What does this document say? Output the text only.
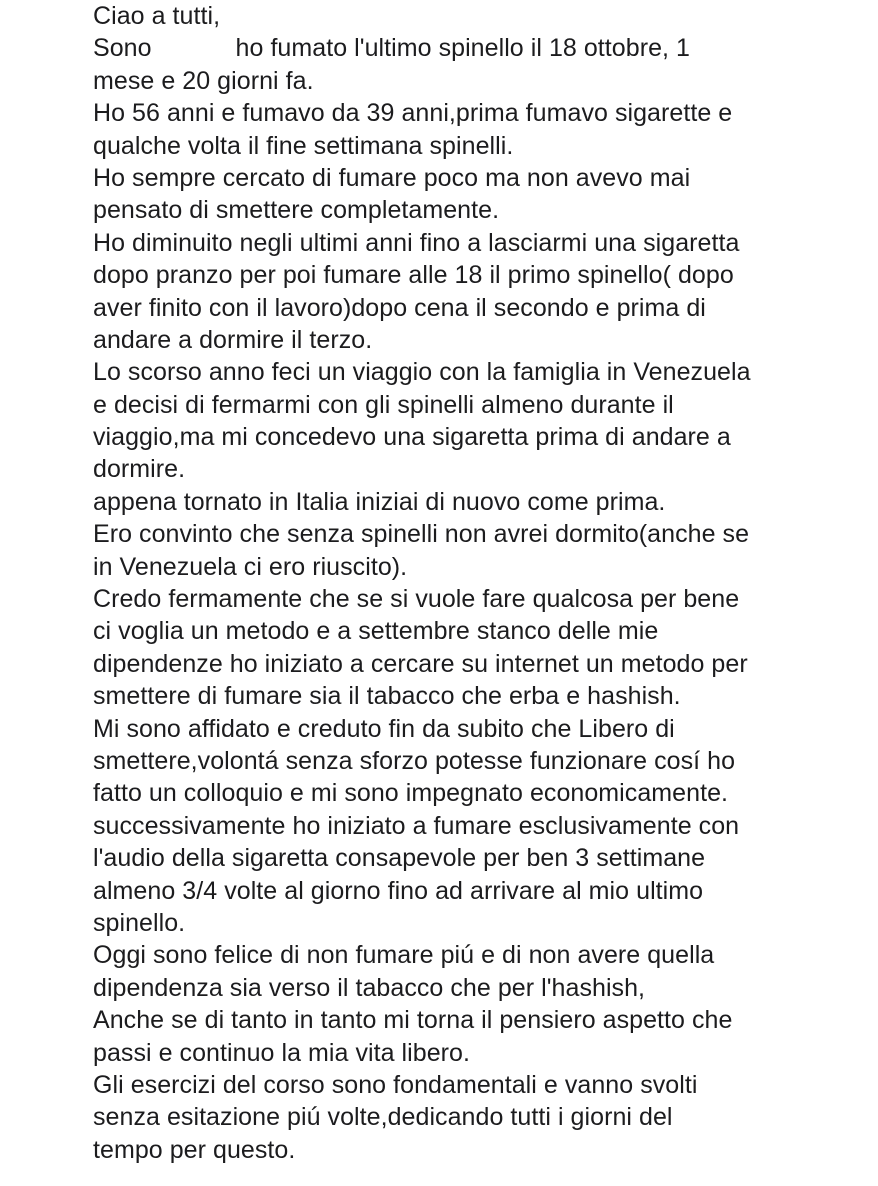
Ciao a tutti,
Sono            ho fumato l'ultimo spinello il 18 ottobre, 1
mese e 20 giorni fa.
Ho 56 anni e fumavo da 39 anni,prima fumavo sigarette e
qualche volta il fine settimana spinelli.
Ho sempre cercato di fumare poco ma non avevo mai
pensato di smettere completamente.
Ho diminuito negli ultimi anni fino a lasciarmi una sigaretta
dopo pranzo per poi fumare alle 18 il primo spinello( dopo
aver finito con il lavoro)dopo cena il secondo e prima di
andare a dormire il terzo.
Lo scorso anno feci un viaggio con la famiglia in Venezuela
e decisi di fermarmi con gli spinelli almeno durante il
viaggio,ma mi concedevo una sigaretta prima di andare a
dormire.
appena tornato in Italia iniziai di nuovo come prima.
Ero convinto che senza spinelli non avrei dormito(anche se
in Venezuela ci ero riuscito).
Credo fermamente che se si vuole fare qualcosa per bene
ci voglia un metodo e a settembre stanco delle mie
dipendenze ho iniziato a cercare su internet un metodo per
smettere di fumare sia il tabacco che erba e hashish.
Mi sono affidato e creduto fin da subito che Libero di
smettere,volontá senza sforzo potesse funzionare cosí ho
fatto un colloquio e mi sono impegnato economicamente.
successivamente ho iniziato a fumare esclusivamente con
l'audio della sigaretta consapevole per ben 3 settimane
almeno 3/4 volte al giorno fino ad arrivare al mio ultimo
spinello.
Oggi sono felice di non fumare piú e di non avere quella
dipendenza sia verso il tabacco che per l'hashish,
Anche se di tanto in tanto mi torna il pensiero aspetto che
passi e continuo la mia vita libero.
Gli esercizi del corso sono fondamentali e vanno svolti
senza esitazione piú volte,dedicando tutti i giorni del
tempo per questo.
